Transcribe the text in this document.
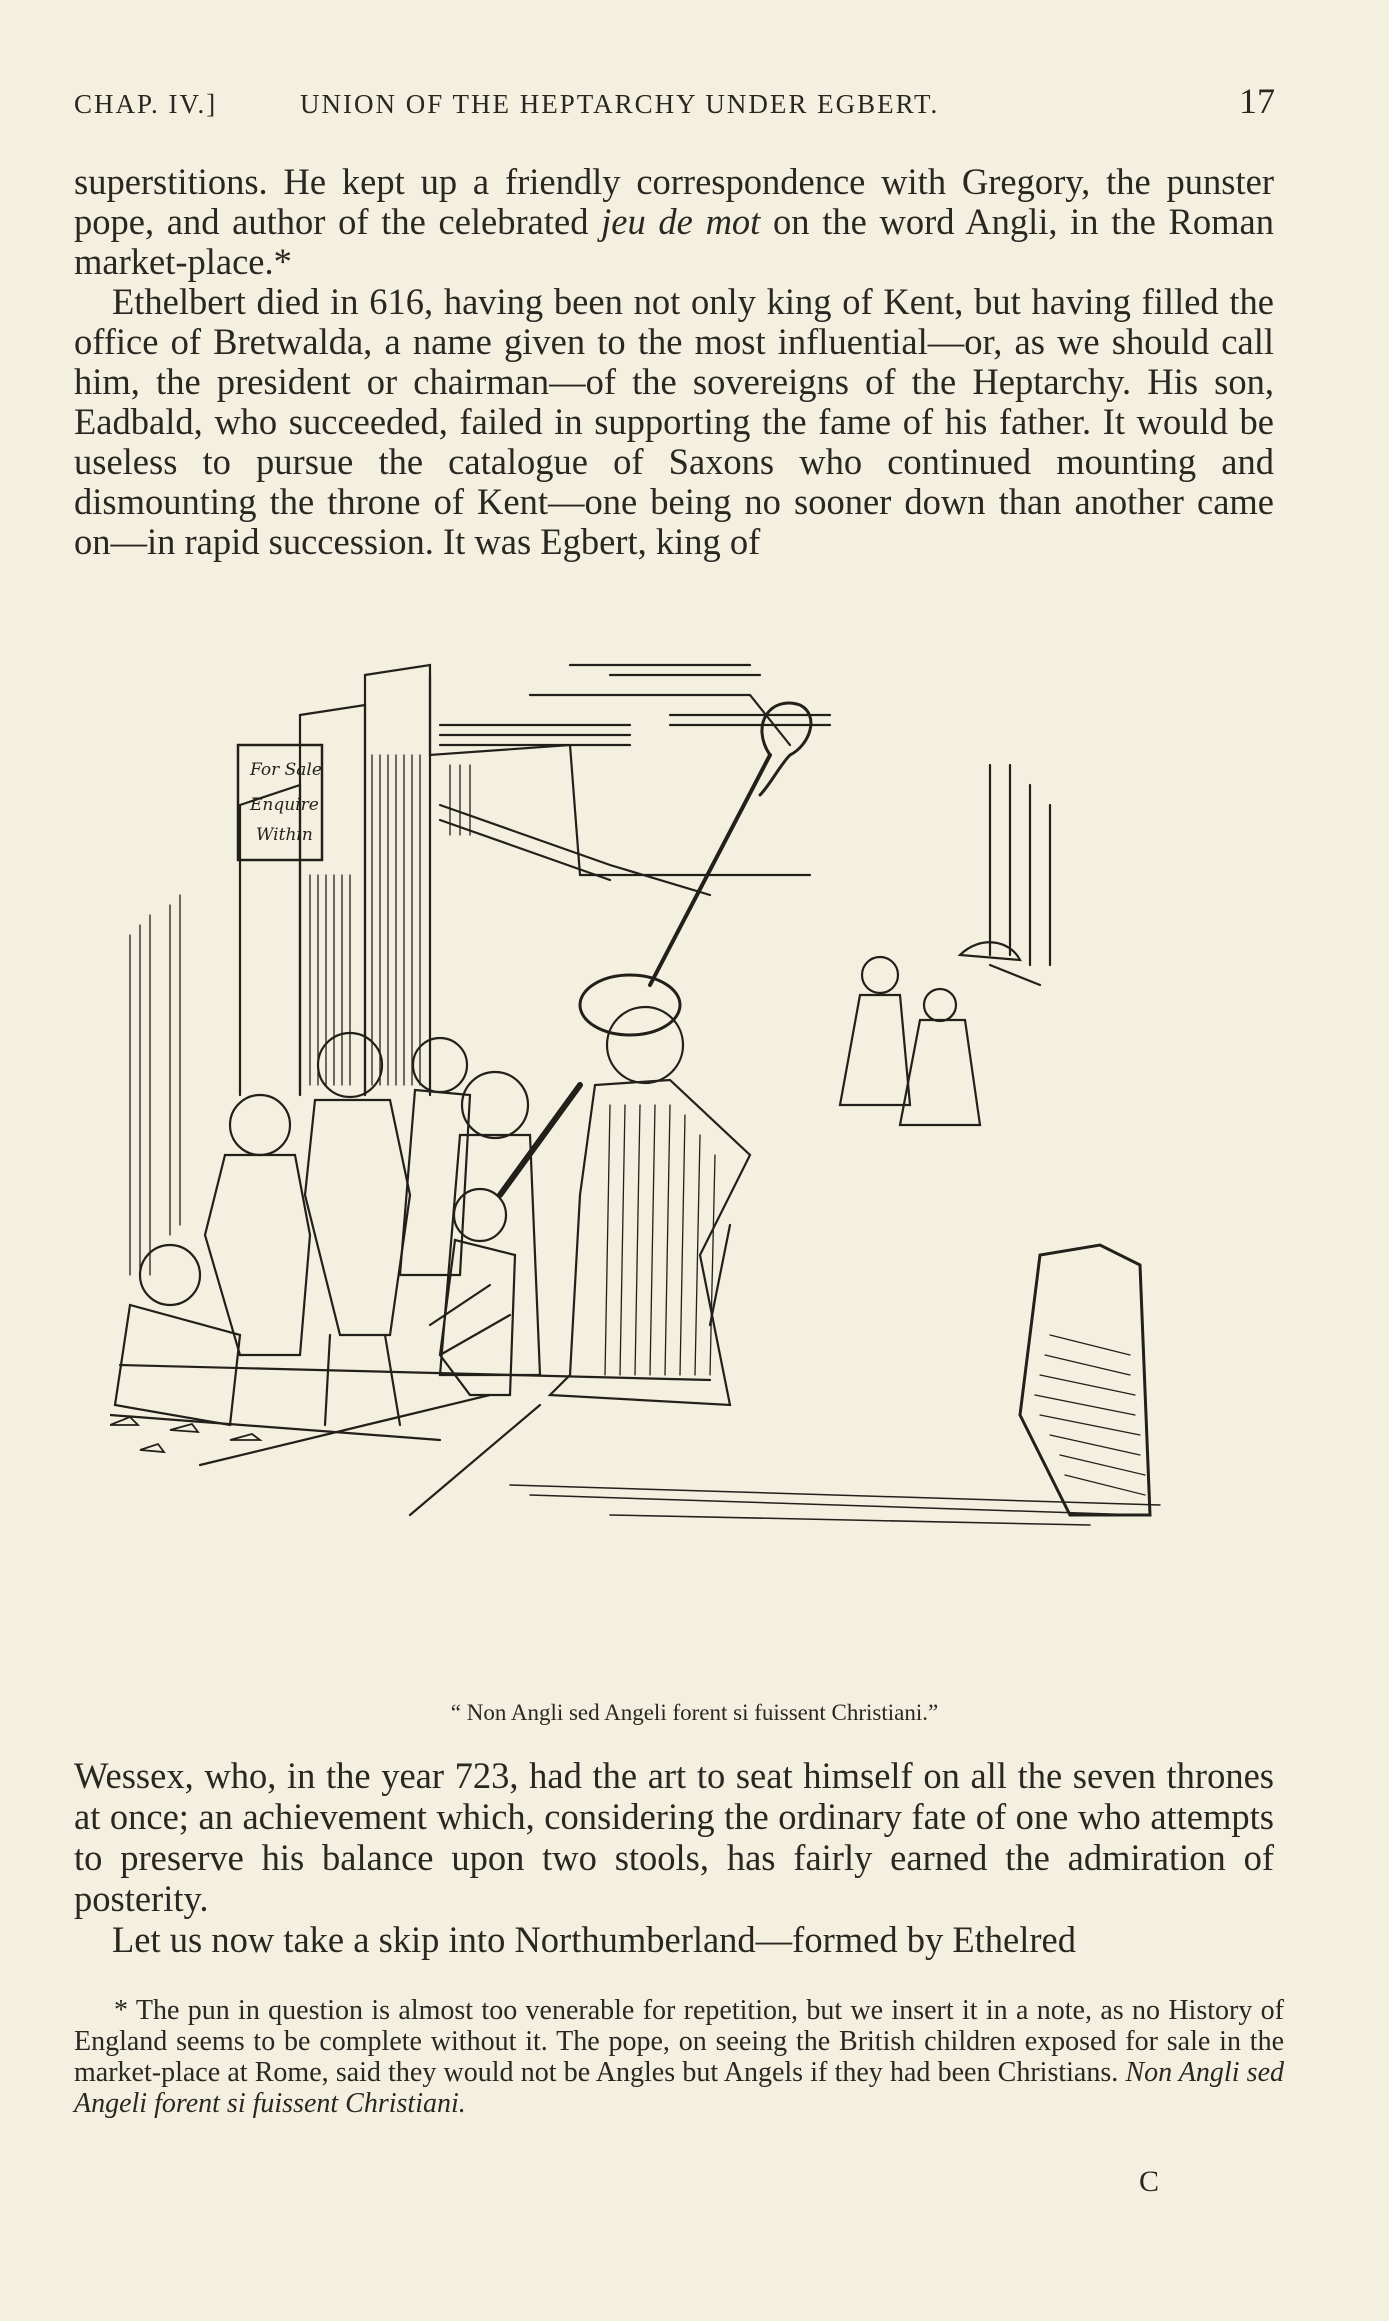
CHAP. IV.]	UNION OF THE HEPTARCHY UNDER EGBERT.	17

superstitions. He kept up a friendly correspondence with Gregory, the punster pope, and author of the celebrated jeu de mot on the word Angli, in the Roman market-place.*

Ethelbert died in 616, having been not only king of Kent, but having filled the office of Bretwalda, a name given to the most influential—or, as we should call him, the president or chairman—of the sovereigns of the Heptarchy. His son, Eadbald, who succeeded, failed in supporting the fame of his father. It would be useless to pursue the catalogue of Saxons who continued mounting and dismounting the throne of Kent—one being no sooner down than another came on—in rapid succession. It was Egbert, king of

For Sale
Enquire
Within
“ Non Angli sed Angeli forent si fuissent Christiani.”

Wessex, who, in the year 723, had the art to seat himself on all the seven thrones at once; an achievement which, considering the ordinary fate of one who attempts to preserve his balance upon two stools, has fairly earned the admiration of posterity.

Let us now take a skip into Northumberland—formed by Ethelred

* The pun in question is almost too venerable for repetition, but we insert it in a note, as no History of England seems to be complete without it. The pope, on seeing the British children exposed for sale in the market-place at Rome, said they would not be Angles but Angels if they had been Christians. Non Angli sed Angeli forent si fuissent Christiani.

C
